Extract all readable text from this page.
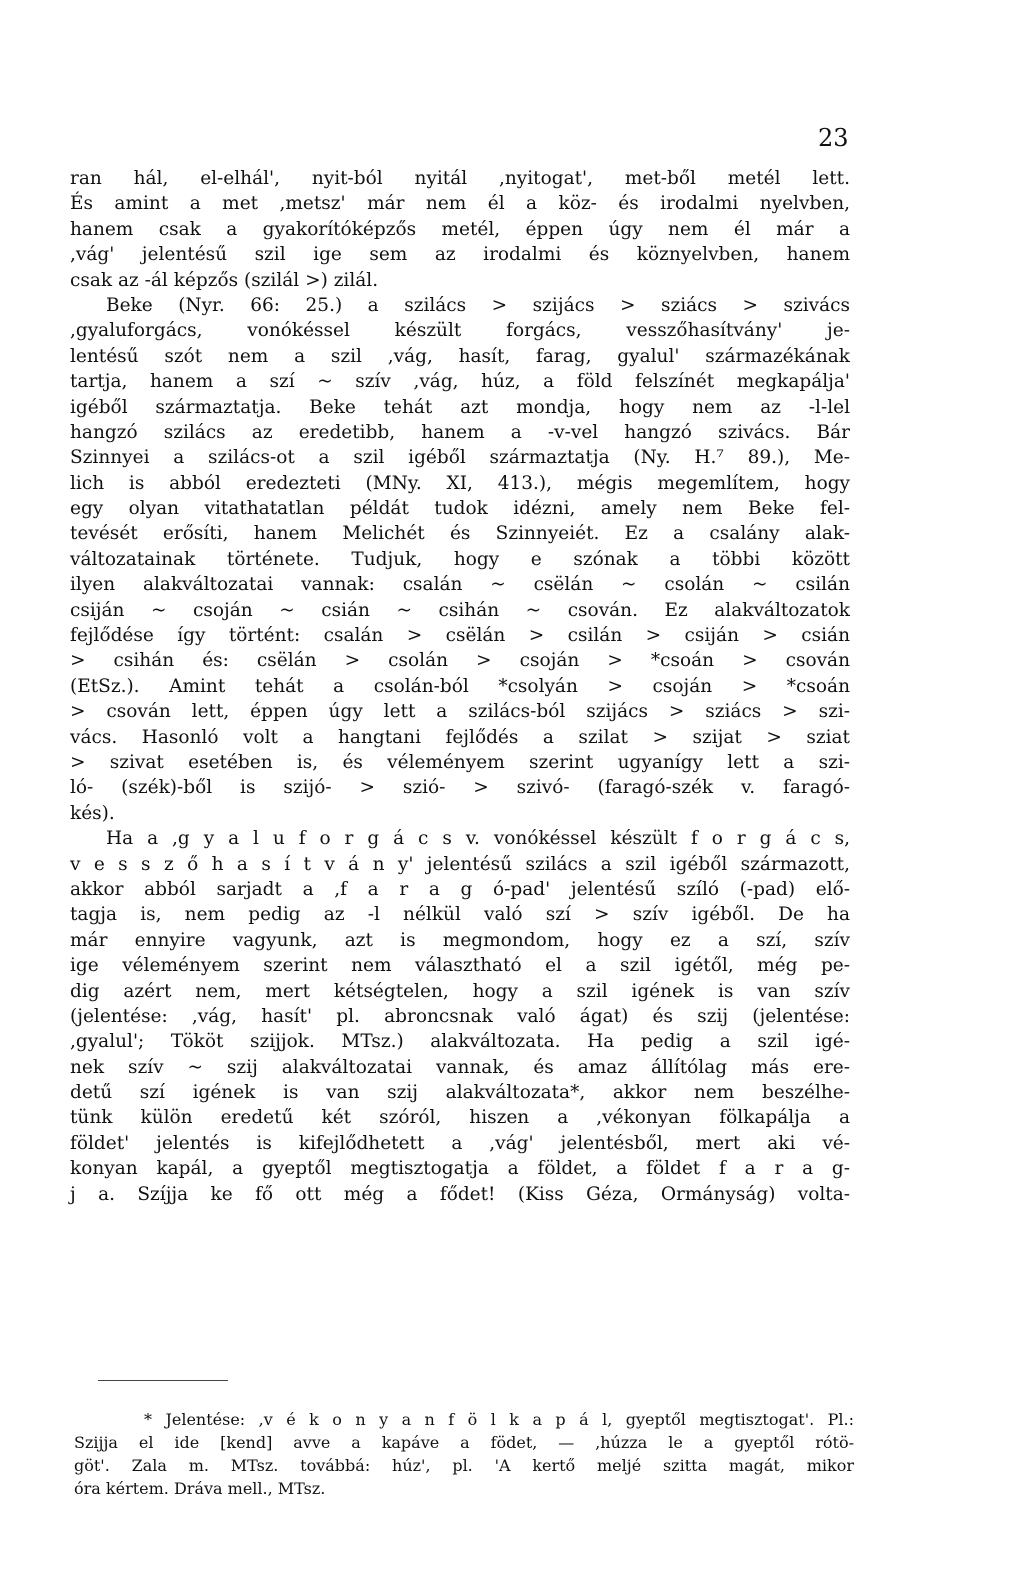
23
ran hál, el-elhál', nyit-ból nyitál ,nyitogat', met-ből metél lett.
És amint a met ,metsz' már nem él a köz- és irodalmi nyelvben,
hanem csak a gyakorítóképzős metél, éppen úgy nem él már a
,vág' jelentésű szil ige sem az irodalmi és köznyelvben, hanem
csak az -ál képzős (szilál >) zilál.
Beke (Nyr. 66: 25.) a szilács > szijács > sziács > szivács
,gyaluforgács, vonókéssel készült forgács, vesszőhasítvány' je-
lentésű szót nem a szil ,vág, hasít, farag, gyalul' származékának
tartja, hanem a szí ~ szív ,vág, húz, a föld felszínét megkapálja'
igéből származtatja. Beke tehát azt mondja, hogy nem az -l-lel
hangzó szilács az eredetibb, hanem a -v-vel hangzó szivács. Bár
Szinnyei a szilács-ot a szil igéből származtatja (Ny. H.⁷ 89.), Me-
lich is abból eredezteti (MNy. XI, 413.), mégis megemlítem, hogy
egy olyan vitathatatlan példát tudok idézni, amely nem Beke fel-
tevését erősíti, hanem Melichét és Szinnyeiét. Ez a csalány alak-
változatainak története. Tudjuk, hogy e szónak a többi között
ilyen alakváltozatai vannak: csalán ~ csëlán ~ csolán ~ csilán
csiján ~ csoján ~ csián ~ csihán ~ csován. Ez alakváltozatok
fejlődése így történt: csalán > csëlán > csilán > csiján > csián
> csihán és: csëlán > csolán > csoján > *csoán > csován
(EtSz.). Amint tehát a csolán-ból *csolyán > csoján > *csoán
> csován lett, éppen úgy lett a szilács-ból szijács > sziács > szi-
vács. Hasonló volt a hangtani fejlődés a szilat > szijat > sziat
> szivat esetében is, és véleményem szerint ugyanígy lett a szi-
ló- (szék)-ből is szijó- > szió- > szivó- (faragó-szék v. faragó-
kés).
Ha a ,g y a l u f o r g á c s v. vonókéssel készült f o r g á c s,
v e s s z ő h a s í t v á n y' jelentésű szilács a szil igéből származott,
akkor abból sarjadt a ,f a r a g ó-pad' jelentésű szíló (-pad) elő-
tagja is, nem pedig az -l nélkül való szí > szív igéből. De ha
már ennyire vagyunk, azt is megmondom, hogy ez a szí, szív
ige véleményem szerint nem választható el a szil igétől, még pe-
dig azért nem, mert kétségtelen, hogy a szil igének is van szív
(jelentése: ,vág, hasít' pl. abroncsnak való ágat) és szij (jelentése:
,gyalul'; Tököt szijjok. MTsz.) alakváltozata. Ha pedig a szil igé-
nek szív ~ szij alakváltozatai vannak, és amaz állítólag más ere-
detű szí igének is van szij alakváltozata*, akkor nem beszélhe-
tünk külön eredetű két szóról, hiszen a ,vékonyan fölkapálja a
földet' jelentés is kifejlődhetett a ,vág' jelentésből, mert aki vé-
konyan kapál, a gyeptől megtisztogatja a földet, a földet f a r a g-
j a. Szíjja ke fő ott még a fődet! (Kiss Géza, Ormányság) volta-
* Jelentése: ,v é k o n y a n f ö l k a p á l, gyeptől megtisztogat'. Pl.:
Szijja el ide [kend] avve a kapáve a födet, — ,húzza le a gyeptől rótö-
göt'. Zala m. MTsz. továbbá: húz', pl. 'A kertő meljé szitta magát, mikor
óra kértem. Dráva mell., MTsz.
